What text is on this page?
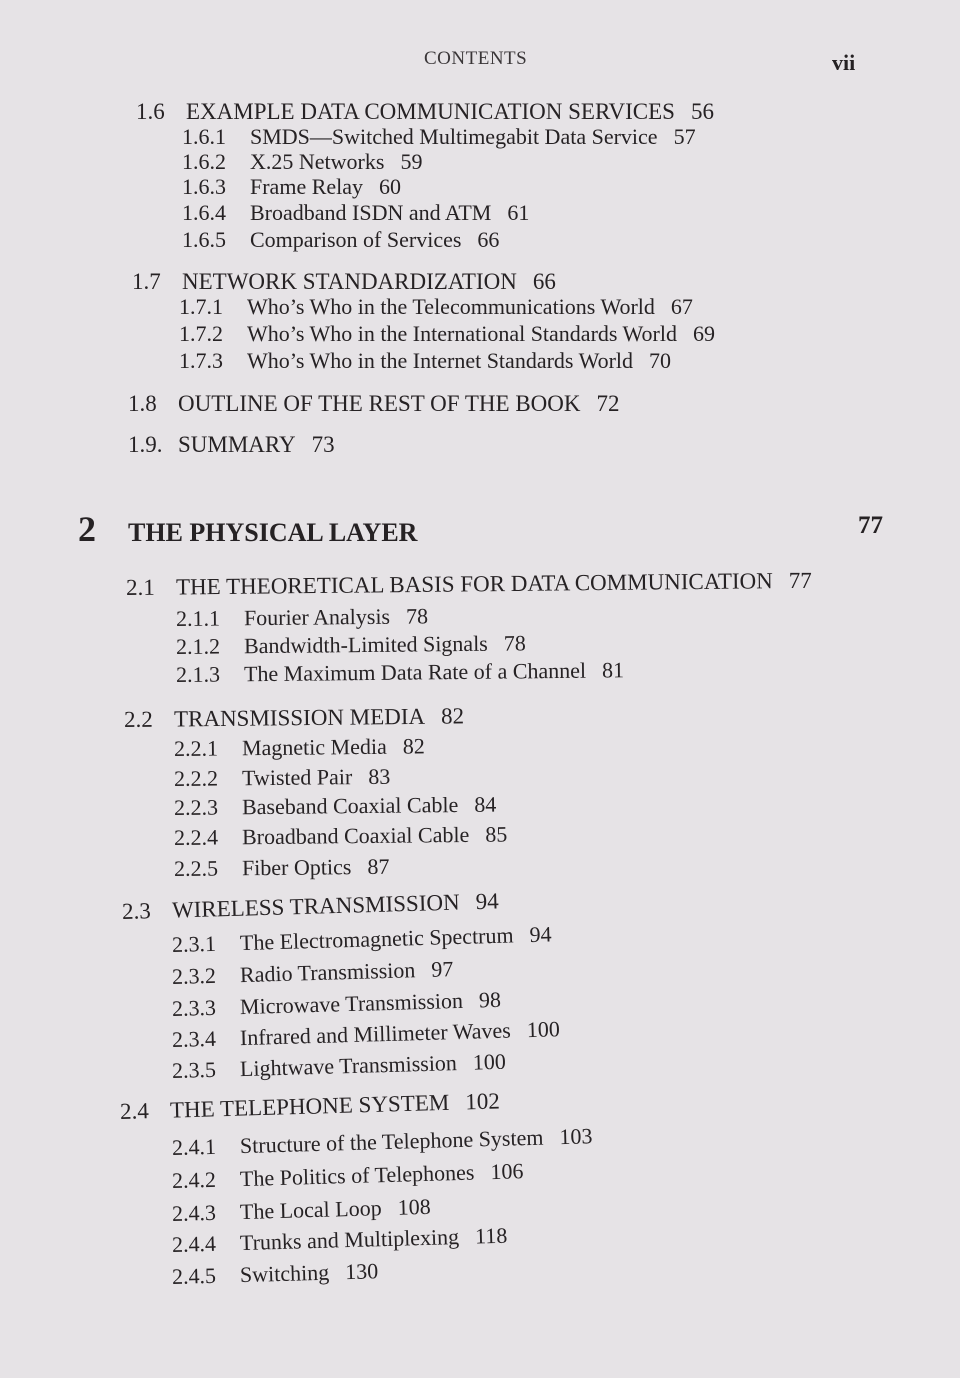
CONTENTS	vii
1.6 EXAMPLE DATA COMMUNICATION SERVICES 56
1.6.1 SMDS—Switched Multimegabit Data Service 57
1.6.2 X.25 Networks 59
1.6.3 Frame Relay 60
1.6.4 Broadband ISDN and ATM 61
1.6.5 Comparison of Services 66
1.7 NETWORK STANDARDIZATION 66
1.7.1 Who’s Who in the Telecommunications World 67
1.7.2 Who’s Who in the International Standards World 69
1.7.3 Who’s Who in the Internet Standards World 70
1.8 OUTLINE OF THE REST OF THE BOOK 72
1.9. SUMMARY 73
2 THE PHYSICAL LAYER	77
2.1 THE THEORETICAL BASIS FOR DATA COMMUNICATION 77
2.1.1 Fourier Analysis 78
2.1.2 Bandwidth-Limited Signals 78
2.1.3 The Maximum Data Rate of a Channel 81
2.2 TRANSMISSION MEDIA 82
2.2.1 Magnetic Media 82
2.2.2 Twisted Pair 83
2.2.3 Baseband Coaxial Cable 84
2.2.4 Broadband Coaxial Cable 85
2.2.5 Fiber Optics 87
2.3 WIRELESS TRANSMISSION 94
2.3.1 The Electromagnetic Spectrum 94
2.3.2 Radio Transmission 97
2.3.3 Microwave Transmission 98
2.3.4 Infrared and Millimeter Waves 100
2.3.5 Lightwave Transmission 100
2.4 THE TELEPHONE SYSTEM 102
2.4.1 Structure of the Telephone System 103
2.4.2 The Politics of Telephones 106
2.4.3 The Local Loop 108
2.4.4 Trunks and Multiplexing 118
2.4.5 Switching 130
